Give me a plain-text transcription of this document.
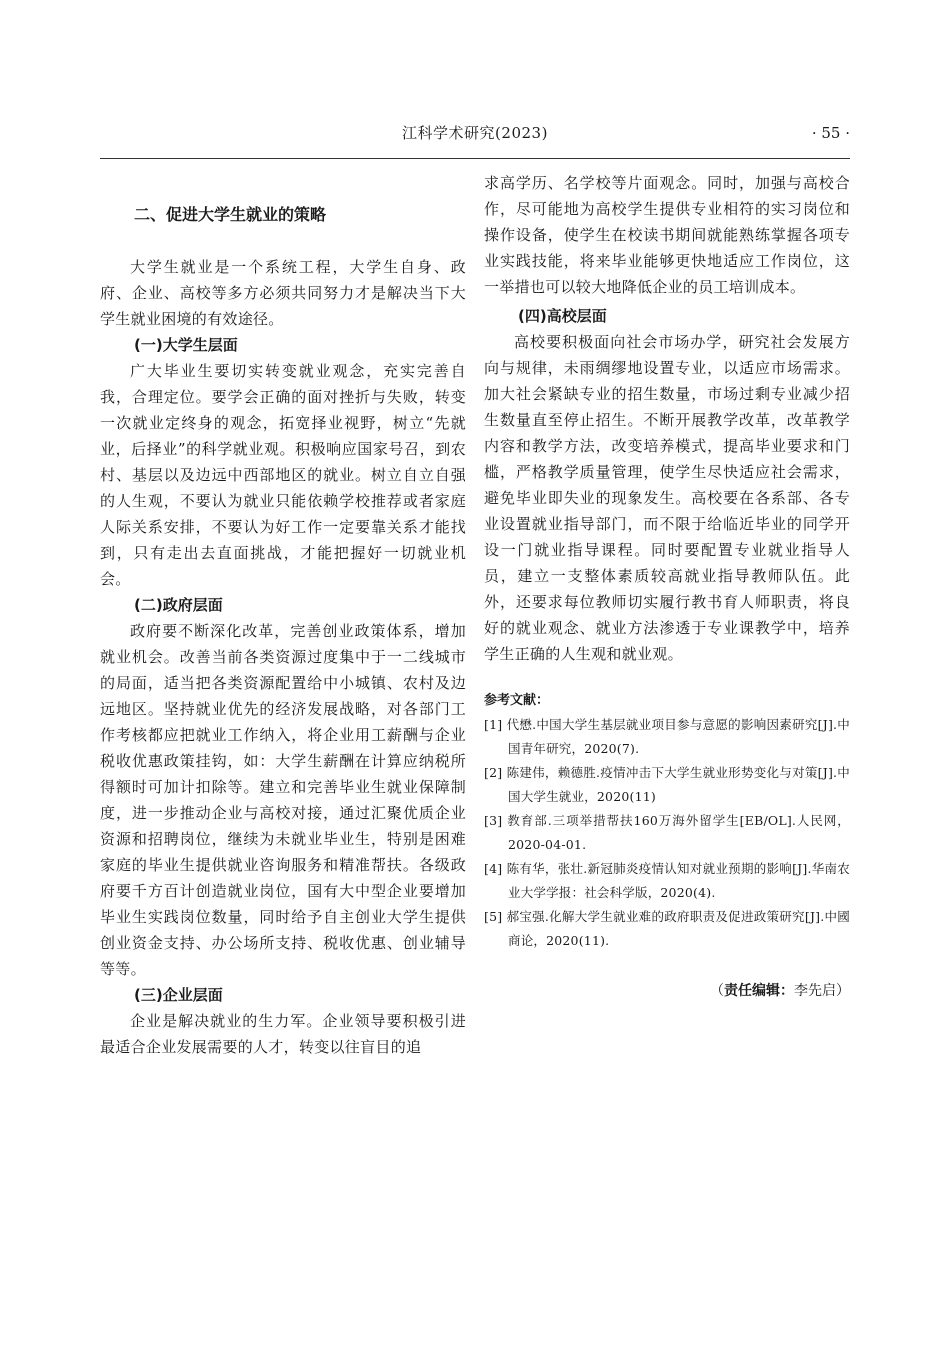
江科学术研究(2023)	· 55 ·
二、促进大学生就业的策略

大学生就业是一个系统工程，大学生自身、政府、企业、高校等多方必须共同努力才是解决当下大学生就业困境的有效途径。

(一)大学生层面

广大毕业生要切实转变就业观念，充实完善自我，合理定位。要学会正确的面对挫折与失败，转变一次就业定终身的观念，拓宽择业视野，树立“先就业，后择业”的科学就业观。积极响应国家号召，到农村、基层以及边远中西部地区的就业。树立自立自强的人生观，不要认为就业只能依赖学校推荐或者家庭人际关系安排，不要认为好工作一定要靠关系才能找到，只有走出去直面挑战，才能把握好一切就业机会。

(二)政府层面

政府要不断深化改革，完善创业政策体系，增加就业机会。改善当前各类资源过度集中于一二线城市的局面，适当把各类资源配置给中小城镇、农村及边远地区。坚持就业优先的经济发展战略，对各部门工作考核都应把就业工作纳入，将企业用工薪酬与企业税收优惠政策挂钩，如：大学生薪酬在计算应纳税所得额时可加计扣除等。建立和完善毕业生就业保障制度，进一步推动企业与高校对接，通过汇聚优质企业资源和招聘岗位，继续为未就业毕业生，特别是困难家庭的毕业生提供就业咨询服务和精准帮扶。各级政府要千方百计创造就业岗位，国有大中型企业要增加毕业生实践岗位数量，同时给予自主创业大学生提供创业资金支持、办公场所支持、税收优惠、创业辅导等等。

(三)企业层面

企业是解决就业的生力军。企业领导要积极引进最适合企业发展需要的人才，转变以往盲目的追

求高学历、名学校等片面观念。同时，加强与高校合作，尽可能地为高校学生提供专业相符的实习岗位和操作设备，使学生在校读书期间就能熟练掌握各项专业实践技能，将来毕业能够更快地适应工作岗位，这一举措也可以较大地降低企业的员工培训成本。

(四)高校层面

高校要积极面向社会市场办学，研究社会发展方向与规律，未雨绸缪地设置专业，以适应市场需求。加大社会紧缺专业的招生数量，市场过剩专业减少招生数量直至停止招生。不断开展教学改革，改革教学内容和教学方法，改变培养模式，提高毕业要求和门槛，严格教学质量管理，使学生尽快适应社会需求，避免毕业即失业的现象发生。高校要在各系部、各专业设置就业指导部门，而不限于给临近毕业的同学开设一门就业指导课程。同时要配置专业就业指导人员，建立一支整体素质较高就业指导教师队伍。此外，还要求每位教师切实履行教书育人师职责，将良好的就业观念、就业方法渗透于专业课教学中，培养学生正确的人生观和就业观。

参考文献：

[1] 代懋.中国大学生基层就业项目参与意愿的影响因素研究[J].中国青年研究，2020(7).

[2] 陈建伟，赖德胜.疫情冲击下大学生就业形势变化与对策[J].中国大学生就业，2020(11)

[3] 教育部.三项举措帮扶160万海外留学生[EB/OL].人民网，2020-04-01.

[4] 陈有华，张壮.新冠肺炎疫情认知对就业预期的影响[J].华南农业大学学报：社会科学版，2020(4).

[5] 郝宝强.化解大学生就业难的政府职责及促进政策研究[J].中國商论，2020(11).

（责任编辑：李先启）
